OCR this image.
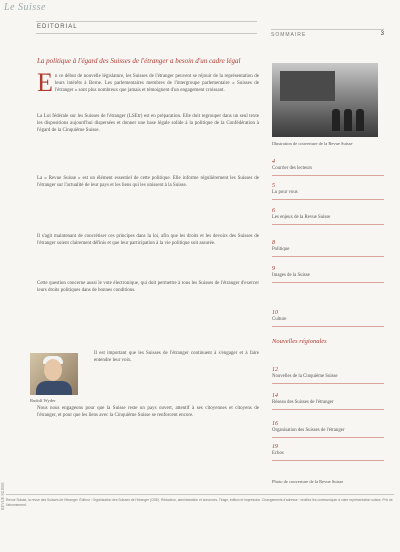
Le Suisse
EDITORIAL
SOMMAIRE	3
La politique à l'égard des Suisses de l'étranger a besoin d'un cadre légal
E n ce début de nouvelle législature, les Suisses de l'étranger peuvent se réjouir de la représentation de leurs intérêts à Berne. Les parlementaires membres de l'intergroupe parlementaire « Suisses de l'étranger » sont plus nombreux que jamais et témoignent d'un engagement croissant.
La Loi fédérale sur les Suisses de l'étranger (LSEtr) est en préparation. Elle doit regrouper dans un seul texte les dispositions aujourd'hui dispersées et donner une base légale solide à la politique de la Confédération à l'égard de la Cinquième Suisse.
La « Revue Suisse » est un élément essentiel de cette politique. Elle informe régulièrement les Suisses de l'étranger sur l'actualité de leur pays et les liens qui les unissent à la Suisse.
Il s'agit maintenant de concrétiser ces principes dans la loi, afin que les droits et les devoirs des Suisses de l'étranger soient clairement définis et que leur participation à la vie politique soit assurée.
Cette question concerne aussi le vote électronique, qui doit permettre à tous les Suisses de l'étranger d'exercer leurs droits politiques dans de bonnes conditions.
Il est important que les Suisses de l'étranger continuent à s'engager et à faire entendre leur voix.
Nous nous engageons pour que la Suisse reste un pays ouvert, attentif à ses citoyennes et citoyens de l'étranger, et pour que les liens avec la Cinquième Suisse se renforcent encore.
Rudolf Wyder
Illustration de couverture de la Revue Suisse
4
Courrier des lecteurs
5
Lu pour vous
6
Les enjeux de la Revue Suisse
8
Politique
9
Images de la Suisse
10
Culture
Nouvelles régionales
12
Nouvelles de la Cinquième Suisse
14
Réseau des Suisses de l'étranger
16
Organisation des Suisses de l'étranger
19
Echos
Photo de couverture de la Revue Suisse
Revue Suisse, la revue des Suisses de l'étranger. Éditeur : Organisation des Suisses de l'étranger (OSE). Rédaction, administration et annonces. Tirage, édition et impression. Changements d'adresse : veuillez les communiquer à votre représentation suisse. Prix de l'abonnement.
REVUE SUISSE
